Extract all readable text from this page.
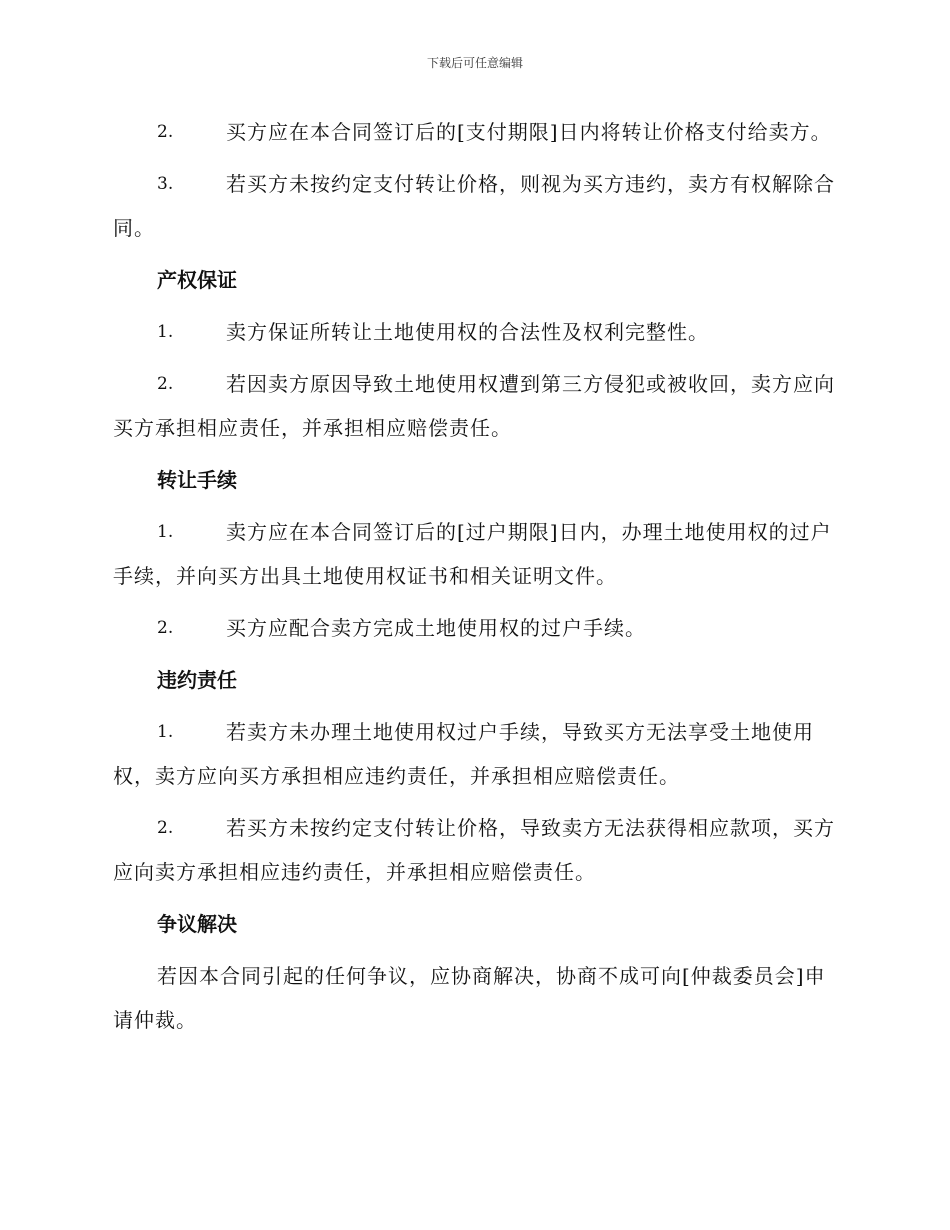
下载后可任意编辑

2.	买方应在本合同签订后的[支付期限]日内将转让价格支付给卖方。

3.	若买方未按约定支付转让价格，则视为买方违约，卖方有权解除合同。

产权保证

1.	卖方保证所转让土地使用权的合法性及权利完整性。

2.	若因卖方原因导致土地使用权遭到第三方侵犯或被收回，卖方应向买方承担相应责任，并承担相应赔偿责任。

转让手续

1.	卖方应在本合同签订后的[过户期限]日内，办理土地使用权的过户手续，并向买方出具土地使用权证书和相关证明文件。

2.	买方应配合卖方完成土地使用权的过户手续。

违约责任

1.	若卖方未办理土地使用权过户手续，导致买方无法享受土地使用权，卖方应向买方承担相应违约责任，并承担相应赔偿责任。

2.	若买方未按约定支付转让价格，导致卖方无法获得相应款项，买方应向卖方承担相应违约责任，并承担相应赔偿责任。

争议解决

若因本合同引起的任何争议，应协商解决，协商不成可向[仲裁委员会]申请仲裁。
